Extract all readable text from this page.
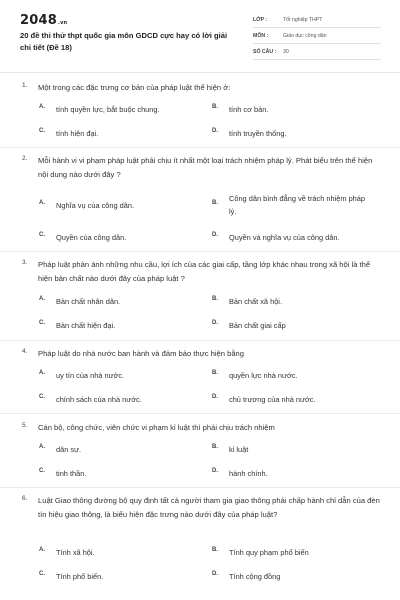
2048.vn
20 đề thi thử thpt quốc gia môn GDCD cực hay có lời giải chi tiết (Đề 18)
LỚP :	Tốt nghiệp THPT
MÔN :	Giáo dục công dân
SỐ CÂU : 30
1. Một trong các đặc trưng cơ bản của pháp luật thể hiện ở:
A. tính quyền lực, bắt buộc chung.	B. tính cơ bản.
C. tính hiện đại.	D. tính truyền thống.
2. Mỗi hành vi vi phạm pháp luật phải chịu ít nhất một loại trách nhiệm pháp lý. Phát biểu trên thể hiện nội dung nào dưới đây ?
A. Nghĩa vụ của công dân.	B. Công dân bình đẳng về trách nhiệm pháp lý.
C. Quyền của công dân.	D. Quyền và nghĩa vụ của công dân.
3. Pháp luật phản ánh những nhu cầu, lợi ích của các giai cấp, tầng lớp khác nhau trong xã hội là thể hiện bản chất nào dưới đây của pháp luật ?
A. Bản chất nhân dân.	B. Bản chất xã hội.
C. Bản chất hiện đại.	D. Bản chất giai cấp
4. Pháp luật do nhà nước ban hành và đảm bảo thực hiện bằng
A. uy tín của nhà nước.	B. quyền lực nhà nước.
C. chính sách của nhà nước.	D. chủ trương của nhà nước.
5. Cán bộ, công chức, viên chức vi phạm kỉ luật thì phải chịu trách nhiệm
A. dân sự.	B. kỉ luật
C. tinh thần.	D. hành chính.
6. Luật Giao thông đường bộ quy định tất cả người tham gia giao thông phải chấp hành chỉ dẫn của đèn tín hiệu giao thông, là biểu hiện đặc trưng nào dưới đây của pháp luật?
A. Tính xã hội.	B. Tính quy phạm phổ biến
C. Tính phổ biến.	D. Tính cộng đồng
